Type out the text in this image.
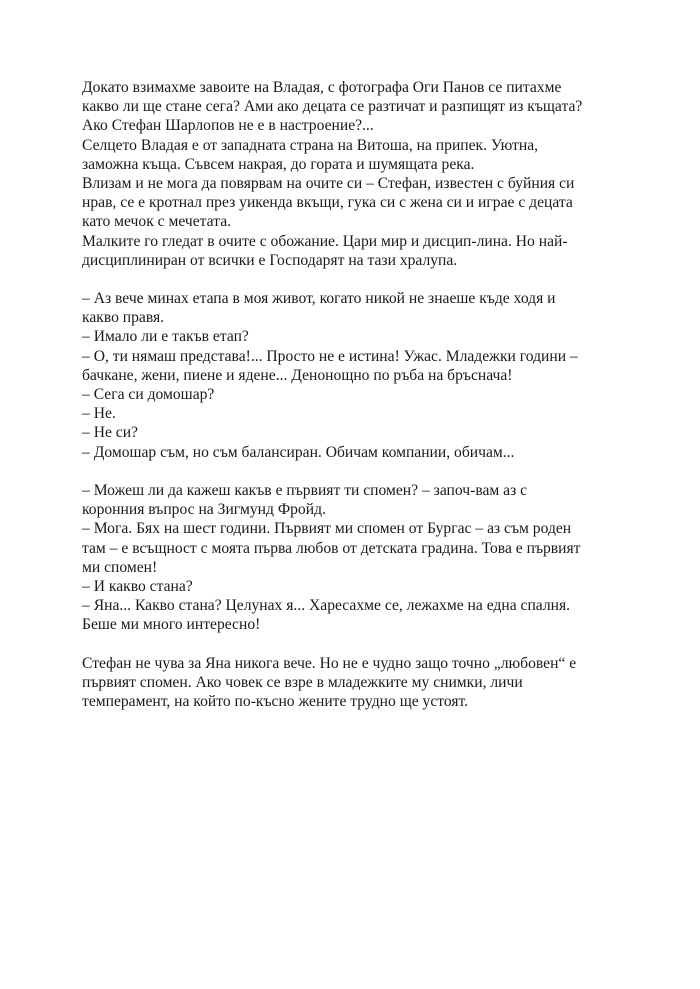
Докато взимахме завоите на Владая, с фотографа Оги Панов се питахме
какво ли ще стане сега? Ами ако децата се разтичат и разпищят из къщата?
Ако Стефан Шарлопов не е в настроение?...
Селцето Владая е от западната страна на Витоша, на припек. Уютна,
заможна къща. Съвсем накрая, до гората и шумящата река.
Влизам и не мога да повярвам на очите си – Стефан, известен с буйния си
нрав, се е кротнал през уикенда вкъщи, гука си с жена си и играе с децата
като мечок с мечетата.
Малките го гледат в очите с обожание. Цари мир и дисцип-лина. Но най-
дисциплиниран от всички е Господарят на тази хралупа.
– Аз вече минах етапа в моя живот, когато никой не знаеше къде ходя и
какво правя.
– Имало ли е такъв етап?
– О, ти нямаш представа!... Просто не е истина! Ужас. Младежки години –
бачкане, жени, пиене и ядене... Денонощно по ръба на бръснача!
– Сега си домошар?
– Не.
– Не си?
– Домошар съм, но съм балансиран. Обичам компании, обичам...
– Можеш ли да кажеш какъв е първият ти спомен? – започ-вам аз с
коронния въпрос на Зигмунд Фройд.
– Мога. Бях на шест години. Първият ми спомен от Бургас – аз съм роден
там – е всъщност с моята първа любов от детската градина. Това е първият
ми спомен!
– И какво стана?
– Яна... Какво стана? Целунах я... Харесахме се, лежахме на една спалня.
Беше ми много интересно!
Стефан не чува за Яна никога вече. Но не е чудно защо точно „любовен“ е
първият спомен. Ако човек се взре в младежките му снимки, личи
темперамент, на който по-късно жените трудно ще устоят.
